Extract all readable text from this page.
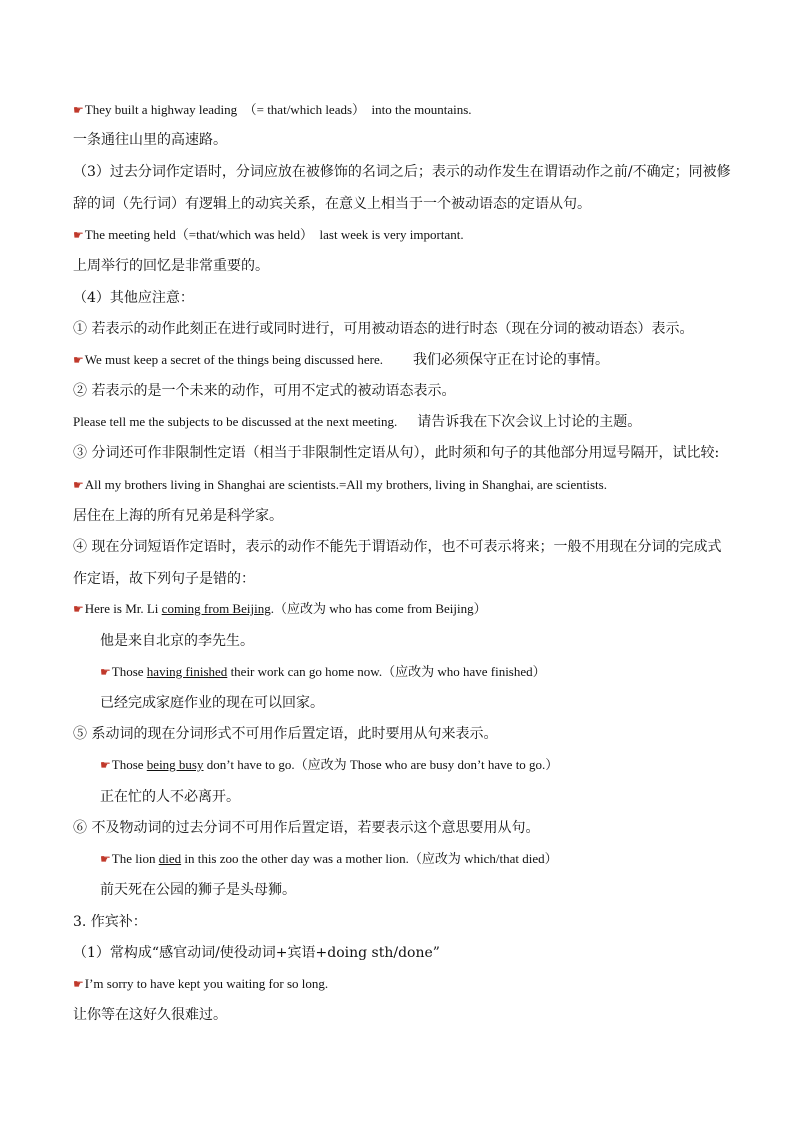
☛They built a highway leading　（= that/which leads）　into the mountains.
一条通往山里的高速路。
（3）过去分词作定语时，分词应放在被修饰的名词之后；表示的动作发生在谓语动作之前/不确定；同被修
辞的词（先行词）有逻辑上的动宾关系，在意义上相当于一个被动语态的定语从句。
☛The meeting held（=that/which was held）　last week is very important.
上周举行的回忆是非常重要的。
（4）其他应注意：
① 若表示的动作此刻正在进行或同时进行，可用被动语态的进行时态（现在分词的被动语态）表示。
☛We must keep a secret of the things being discussed here. 我们必须保守正在讨论的事情。
② 若表示的是一个未来的动作，可用不定式的被动语态表示。
Please tell me the subjects to be discussed at the next meeting. 请告诉我在下次会议上讨论的主题。
③ 分词还可作非限制性定语（相当于非限制性定语从句），此时须和句子的其他部分用逗号隔开，试比较:
☛All my brothers living in Shanghai are scientists.=All my brothers, living in Shanghai, are scientists.
居住在上海的所有兄弟是科学家。
④ 现在分词短语作定语时，表示的动作不能先于谓语动作，也不可表示将来；一般不用现在分词的完成式
作定语，故下列句子是错的：
☛Here is Mr. Li coming from Beijing.（应改为 who has come from Beijing）
他是来自北京的李先生。
☛Those having finished their work can go home now.（应改为 who have finished）
已经完成家庭作业的现在可以回家。
⑤ 系动词的现在分词形式不可用作后置定语，此时要用从句来表示。
☛Those being busy don’t have to go.（应改为 Those who are busy don’t have to go.）
正在忙的人不必离开。
⑥ 不及物动词的过去分词不可用作后置定语，若要表示这个意思要用从句。
☛The lion died in this zoo the other day was a mother lion.（应改为 which/that died）
前天死在公园的狮子是头母狮。
3. 作宾补：
（1）常构成“感官动词/使役动词+宾语+doing sth/done”
☛I’m sorry to have kept you waiting for so long.
让你等在这好久很难过。
